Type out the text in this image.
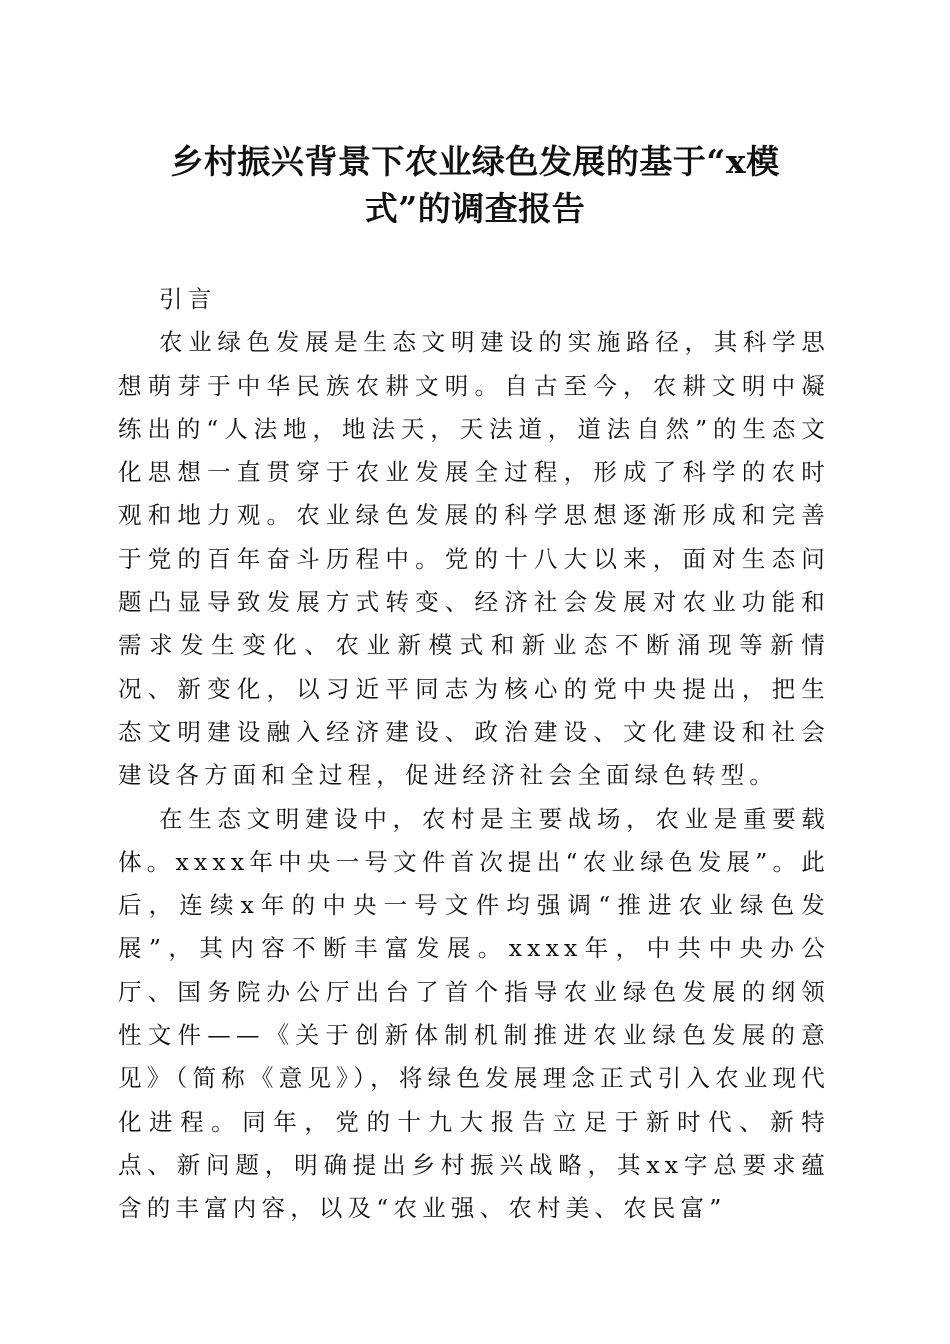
乡村振兴背景下农业绿色发展的基于“x模
式”的调查报告

引言

农业绿色发展是生态文明建设的实施路径，其科学思想萌芽于中华民族农耕文明。自古至今，农耕文明中凝练出的“人法地，地法天，天法道，道法自然”的生态文化思想一直贯穿于农业发展全过程，形成了科学的农时观和地力观。农业绿色发展的科学思想逐渐形成和完善于党的百年奋斗历程中。党的十八大以来，面对生态问题凸显导致发展方式转变、经济社会发展对农业功能和需求发生变化、农业新模式和新业态不断涌现等新情况、新变化，以习近平同志为核心的党中央提出，把生态文明建设融入经济建设、政治建设、文化建设和社会建设各方面和全过程，促进经济社会全面绿色转型。

在生态文明建设中，农村是主要战场，农业是重要载体。xxxx年中央一号文件首次提出“农业绿色发展”。此后，连续x年的中央一号文件均强调“推进农业绿色发展”，其内容不断丰富发展。xxxx年，中共中央办公厅、国务院办公厅出台了首个指导农业绿色发展的纲领性文件——《关于创新体制机制推进农业绿色发展的意见》（简称《意见》），将绿色发展理念正式引入农业现代化进程。同年，党的十九大报告立足于新时代、新特点、新问题，明确提出乡村振兴战略，其xx字总要求蕴含的丰富内容，以及“农业强、农村美、农民富”
